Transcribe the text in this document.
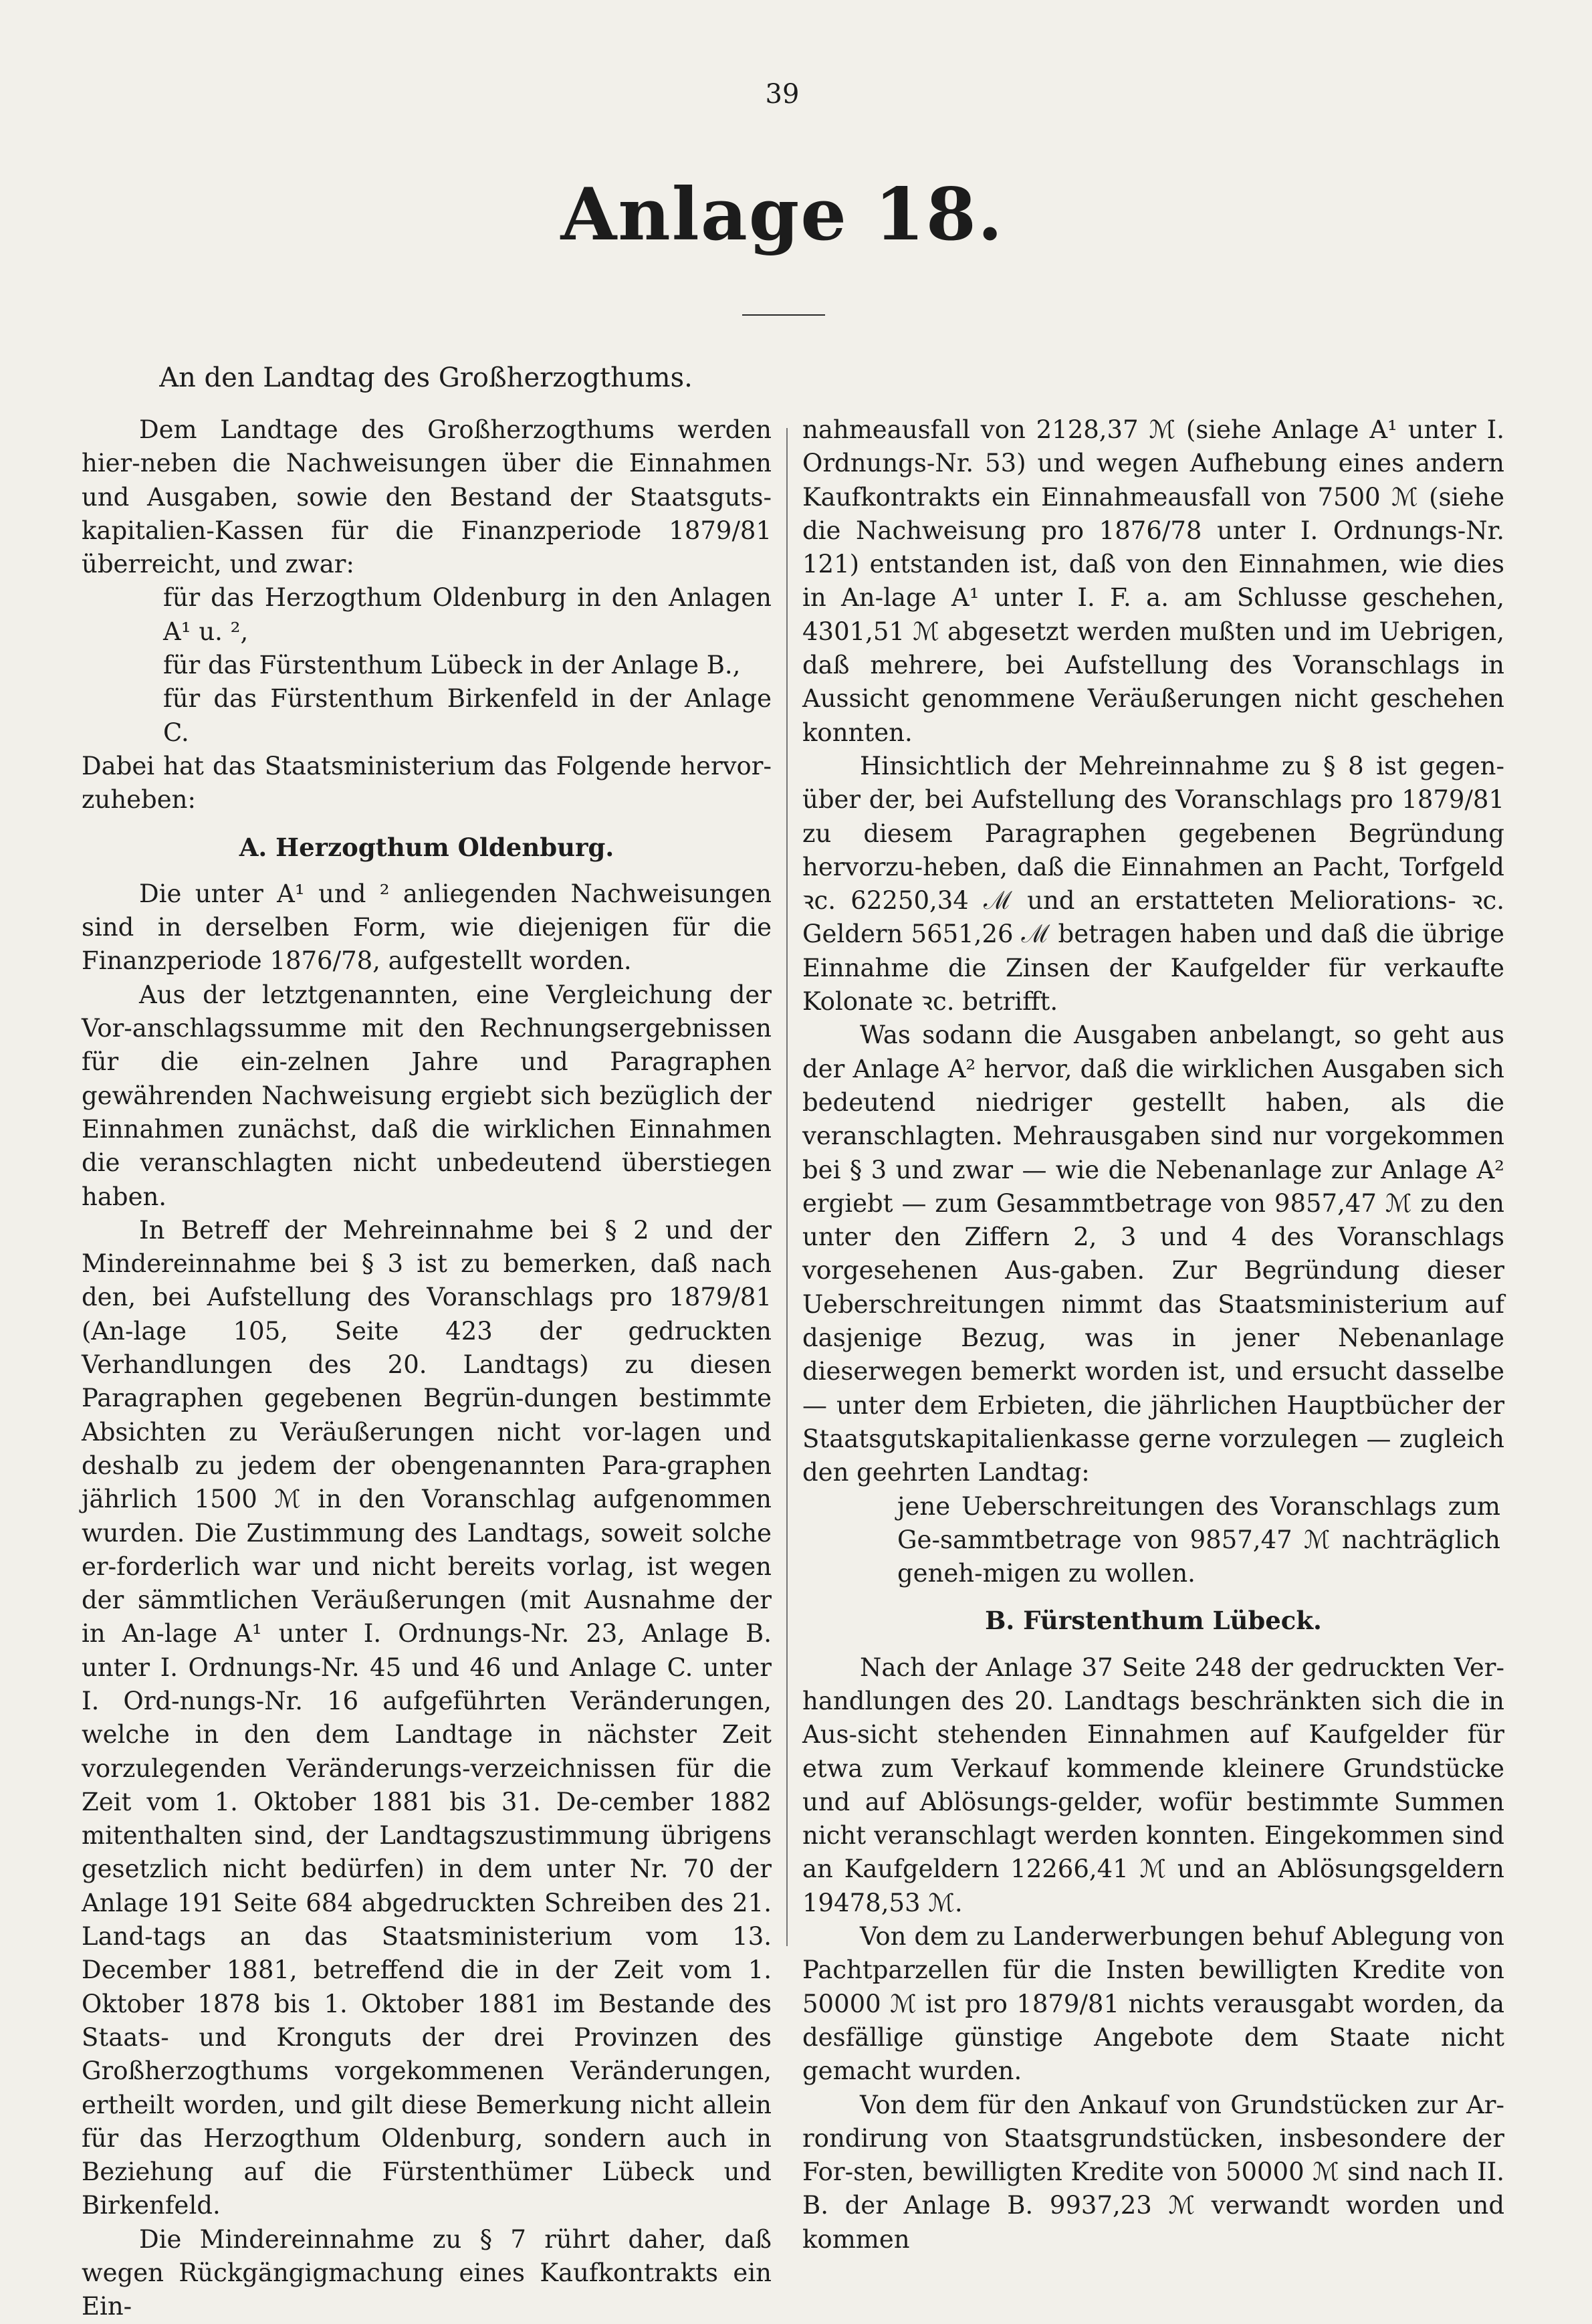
39
Anlage 18.
An den Landtag des Großherzogthums.

Dem Landtage des Großherzogthums werden hier-neben die Nachweisungen über die Einnahmen und Ausgaben, sowie den Bestand der Staatsguts-kapitalien-Kassen für die Finanzperiode 1879/81 überreicht, und zwar:

für das Herzogthum Oldenburg in den Anlagen A¹ u. ²,

für das Fürstenthum Lübeck in der Anlage B.,

für das Fürstenthum Birkenfeld in der Anlage C.

Dabei hat das Staatsministerium das Folgende hervor-zuheben:

A. Herzogthum Oldenburg.

Die unter A¹ und ² anliegenden Nachweisungen sind in derselben Form, wie diejenigen für die Finanzperiode 1876/78, aufgestellt worden.

Aus der letztgenannten, eine Vergleichung der Vor-anschlagssumme mit den Rechnungsergebnissen für die ein-zelnen Jahre und Paragraphen gewährenden Nachweisung ergiebt sich bezüglich der Einnahmen zunächst, daß die wirklichen Einnahmen die veranschlagten nicht unbedeutend überstiegen haben.

In Betreff der Mehreinnahme bei § 2 und der Mindereinnahme bei § 3 ist zu bemerken, daß nach den, bei Aufstellung des Voranschlags pro 1879/81 (An-lage 105, Seite 423 der gedruckten Verhandlungen des 20. Landtags) zu diesen Paragraphen gegebenen Begrün-dungen bestimmte Absichten zu Veräußerungen nicht vor-lagen und deshalb zu jedem der obengenannten Para-graphen jährlich 1500 ℳ in den Voranschlag aufgenommen wurden. Die Zustimmung des Landtags, soweit solche er-forderlich war und nicht bereits vorlag, ist wegen der sämmtlichen Veräußerungen (mit Ausnahme der in An-lage A¹ unter I. Ordnungs-Nr. 23, Anlage B. unter I. Ordnungs-Nr. 45 und 46 und Anlage C. unter I. Ord-nungs-Nr. 16 aufgeführten Veränderungen, welche in den dem Landtage in nächster Zeit vorzulegenden Veränderungs-verzeichnissen für die Zeit vom 1. Oktober 1881 bis 31. De-cember 1882 mitenthalten sind, der Landtagszustimmung übrigens gesetzlich nicht bedürfen) in dem unter Nr. 70 der Anlage 191 Seite 684 abgedruckten Schreiben des 21. Land-tags an das Staatsministerium vom 13. December 1881, betreffend die in der Zeit vom 1. Oktober 1878 bis 1. Oktober 1881 im Bestande des Staats- und Kronguts der drei Provinzen des Großherzogthums vorgekommenen Veränderungen, ertheilt worden, und gilt diese Bemerkung nicht allein für das Herzogthum Oldenburg, sondern auch in Beziehung auf die Fürstenthümer Lübeck und Birkenfeld.

Die Mindereinnahme zu § 7 rührt daher, daß wegen Rückgängigmachung eines Kaufkontrakts ein Ein-

nahmeausfall von 2128,37 ℳ (siehe Anlage A¹ unter I. Ordnungs-Nr. 53) und wegen Aufhebung eines andern Kaufkontrakts ein Einnahmeausfall von 7500 ℳ (siehe die Nachweisung pro 1876/78 unter I. Ordnungs-Nr. 121) entstanden ist, daß von den Einnahmen, wie dies in An-lage A¹ unter I. F. a. am Schlusse geschehen, 4301,51 ℳ abgesetzt werden mußten und im Uebrigen, daß mehrere, bei Aufstellung des Voranschlags in Aussicht genommene Veräußerungen nicht geschehen konnten.

Hinsichtlich der Mehreinnahme zu § 8 ist gegen-über der, bei Aufstellung des Voranschlags pro 1879/81 zu diesem Paragraphen gegebenen Begründung hervorzu-heben, daß die Einnahmen an Pacht, Torfgeld ꝛc. 62250,34 ℳ und an erstatteten Meliorations- ꝛc. Geldern 5651,26 ℳ betragen haben und daß die übrige Einnahme die Zinsen der Kaufgelder für verkaufte Kolonate ꝛc. betrifft.

Was sodann die Ausgaben anbelangt, so geht aus der Anlage A² hervor, daß die wirklichen Ausgaben sich bedeutend niedriger gestellt haben, als die veranschlagten. Mehrausgaben sind nur vorgekommen bei § 3 und zwar — wie die Nebenanlage zur Anlage A² ergiebt — zum Gesammtbetrage von 9857,47 ℳ zu den unter den Ziffern 2, 3 und 4 des Voranschlags vorgesehenen Aus-gaben. Zur Begründung dieser Ueberschreitungen nimmt das Staatsministerium auf dasjenige Bezug, was in jener Nebenanlage dieserwegen bemerkt worden ist, und ersucht dasselbe — unter dem Erbieten, die jährlichen Hauptbücher der Staatsgutskapitalienkasse gerne vorzulegen — zugleich den geehrten Landtag:

jene Ueberschreitungen des Voranschlags zum Ge-sammtbetrage von 9857,47 ℳ nachträglich geneh-migen zu wollen.

B. Fürstenthum Lübeck.

Nach der Anlage 37 Seite 248 der gedruckten Ver-handlungen des 20. Landtags beschränkten sich die in Aus-sicht stehenden Einnahmen auf Kaufgelder für etwa zum Verkauf kommende kleinere Grundstücke und auf Ablösungs-gelder, wofür bestimmte Summen nicht veranschlagt werden konnten. Eingekommen sind an Kaufgeldern 12266,41 ℳ und an Ablösungsgeldern 19478,53 ℳ.

Von dem zu Landerwerbungen behuf Ablegung von Pachtparzellen für die Insten bewilligten Kredite von 50000 ℳ ist pro 1879/81 nichts verausgabt worden, da desfällige günstige Angebote dem Staate nicht gemacht wurden.

Von dem für den Ankauf von Grundstücken zur Ar-rondirung von Staatsgrundstücken, insbesondere der For-sten, bewilligten Kredite von 50000 ℳ sind nach II. B. der Anlage B. 9937,23 ℳ verwandt worden und kommen
